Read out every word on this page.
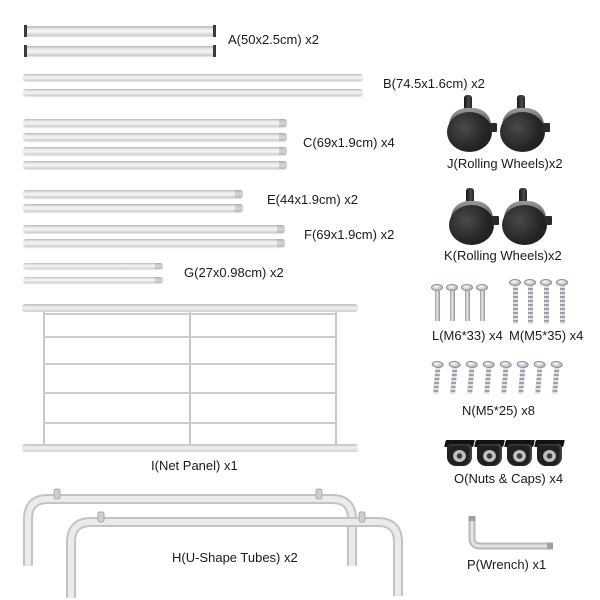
A(50x2.5cm) x2
B(74.5x1.6cm) x2
C(69x1.9cm) x4
E(44x1.9cm) x2
F(69x1.9cm) x2
G(27x0.98cm) x2
I(Net Panel) x1
H(U-Shape Tubes) x2
J(Rolling Wheels)x2
K(Rolling Wheels)x2
L(M6*33) x4 M(M5*35) x4
N(M5*25) x8
O(Nuts & Caps) x4
P(Wrench) x1
